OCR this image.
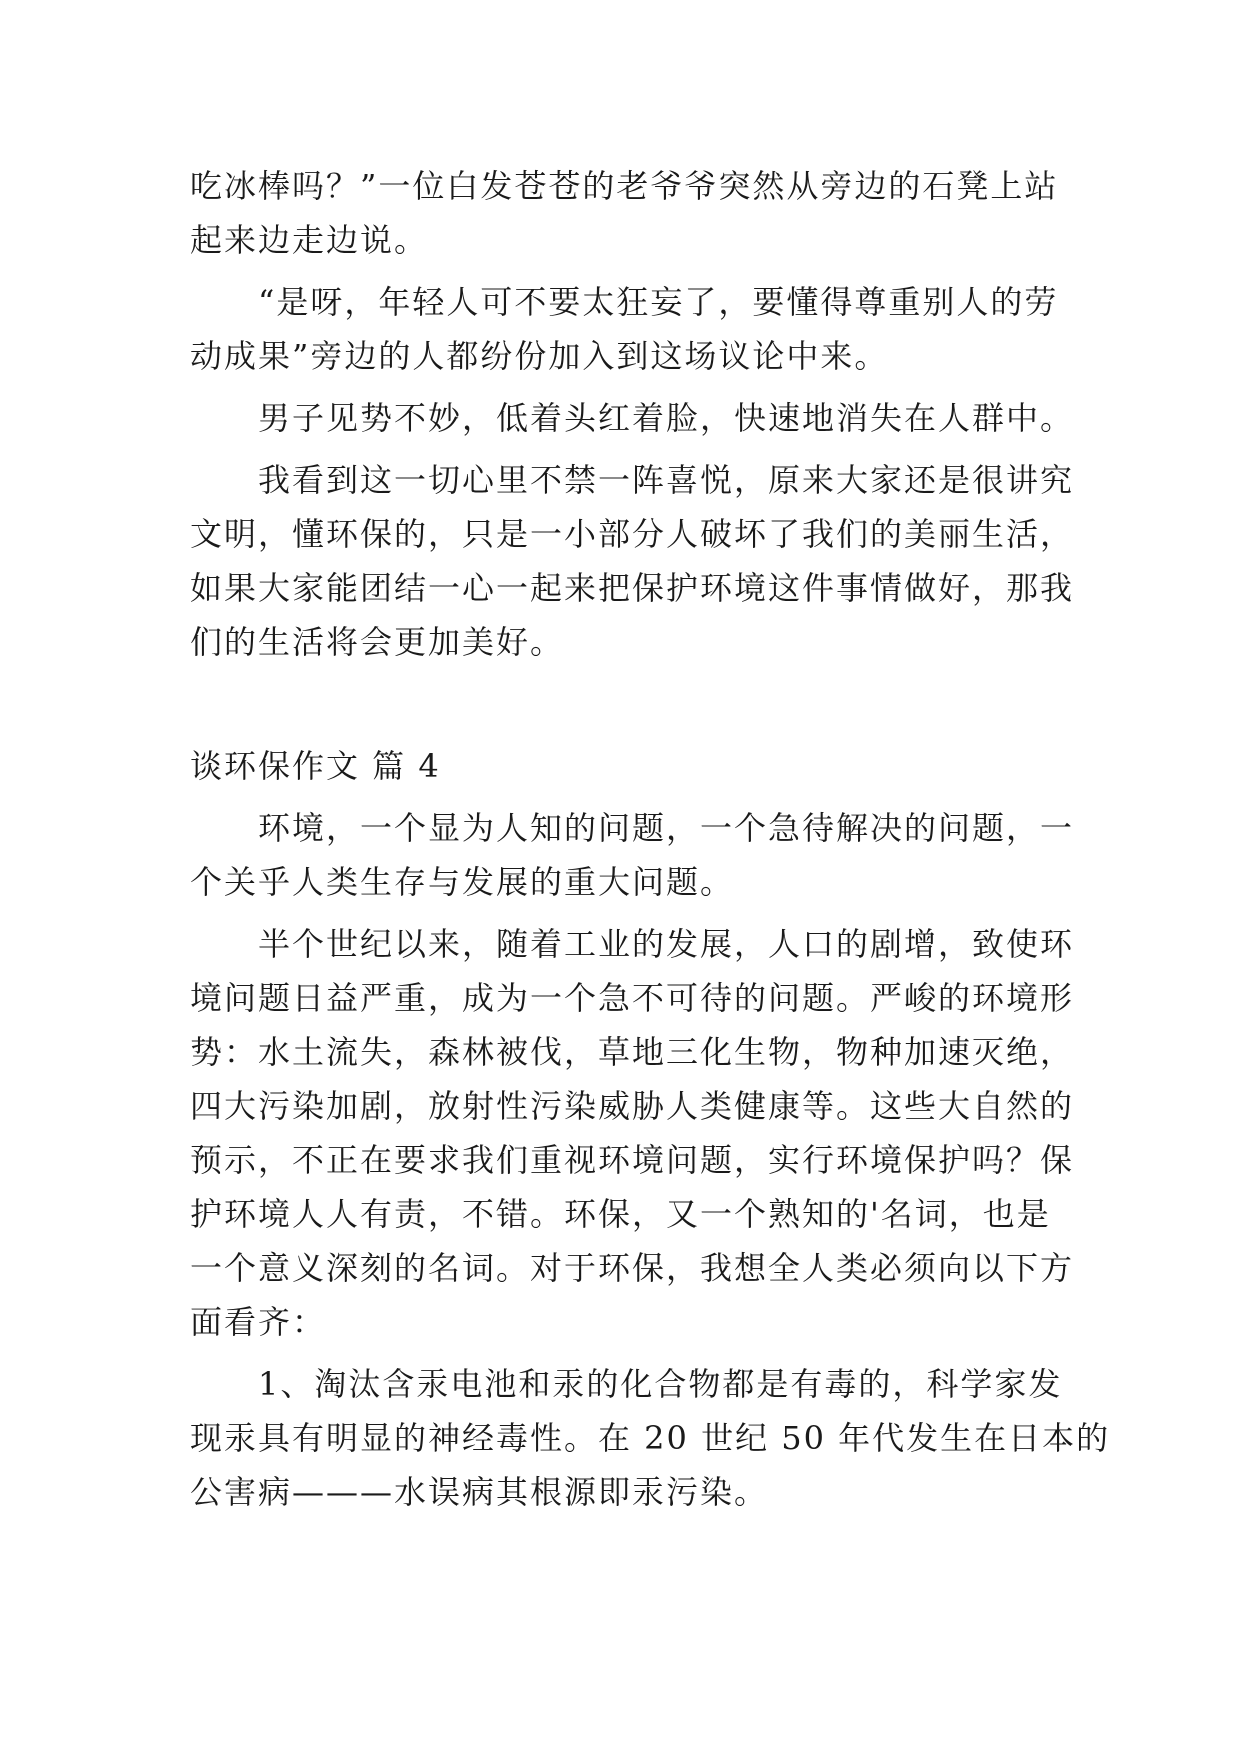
吃冰棒吗？”一位白发苍苍的老爷爷突然从旁边的石凳上站
起来边走边说。
“是呀，年轻人可不要太狂妄了，要懂得尊重别人的劳
动成果”旁边的人都纷份加入到这场议论中来。
男子见势不妙，低着头红着脸，快速地消失在人群中。
我看到这一切心里不禁一阵喜悦，原来大家还是很讲究
文明，懂环保的，只是一小部分人破坏了我们的美丽生活，
如果大家能团结一心一起来把保护环境这件事情做好，那我
们的生活将会更加美好。
谈环保作文 篇 4
环境，一个显为人知的问题，一个急待解决的问题，一
个关乎人类生存与发展的重大问题。
半个世纪以来，随着工业的发展，人口的剧增，致使环
境问题日益严重，成为一个急不可待的问题。严峻的环境形
势：水土流失，森林被伐，草地三化生物，物种加速灭绝，
四大污染加剧，放射性污染威胁人类健康等。这些大自然的
预示，不正在要求我们重视环境问题，实行环境保护吗？保
护环境人人有责，不错。环保，又一个熟知的'名词，也是
一个意义深刻的名词。对于环保，我想全人类必须向以下方
面看齐：
1、淘汰含汞电池和汞的化合物都是有毒的，科学家发
现汞具有明显的神经毒性。在 20 世纪 50 年代发生在日本的
公害病———水误病其根源即汞污染。
